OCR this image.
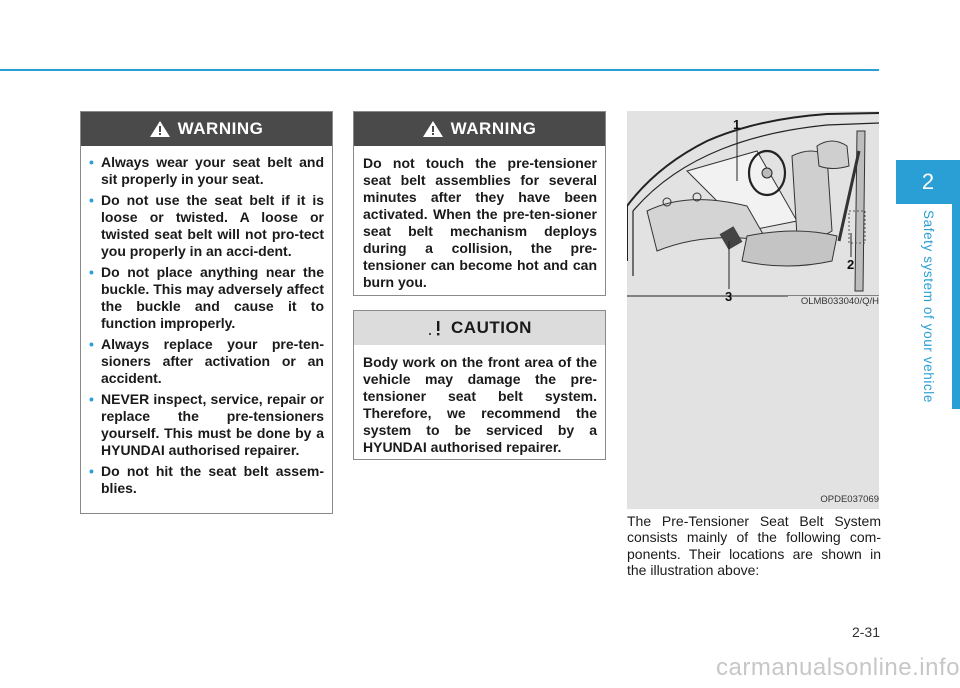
2
Safety system of your vehicle
WARNING
• Always wear your seat belt and sit properly in your seat.
• Do not use the seat belt if it is loose or twisted. A loose or twisted seat belt will not pro-tect you properly in an acci-dent.
• Do not place anything near the buckle. This may adversely affect the buckle and cause it to function improperly.
• Always replace your pre-ten-sioners after activation or an accident.
• NEVER inspect, service, repair or replace the pre-tensioners yourself. This must be done by a HYUNDAI authorised repairer.
• Do not hit the seat belt assem-blies.
WARNING
Do not touch the pre-tensioner seat belt assemblies for several minutes after they have been activated. When the pre-ten-sioner seat belt mechanism deploys during a collision, the pre-tensioner can become hot and can burn you.
CAUTION
Body work on the front area of the vehicle may damage the pre-tensioner seat belt system. Therefore, we recommend the system to be serviced by a HYUNDAI authorised repairer.
1
2
3	OLMB033040/Q/H
OPDE037069
The Pre-Tensioner Seat Belt System consists mainly of the following com-ponents. Their locations are shown in the illustration above:
2-31
carmanualsonline.info
